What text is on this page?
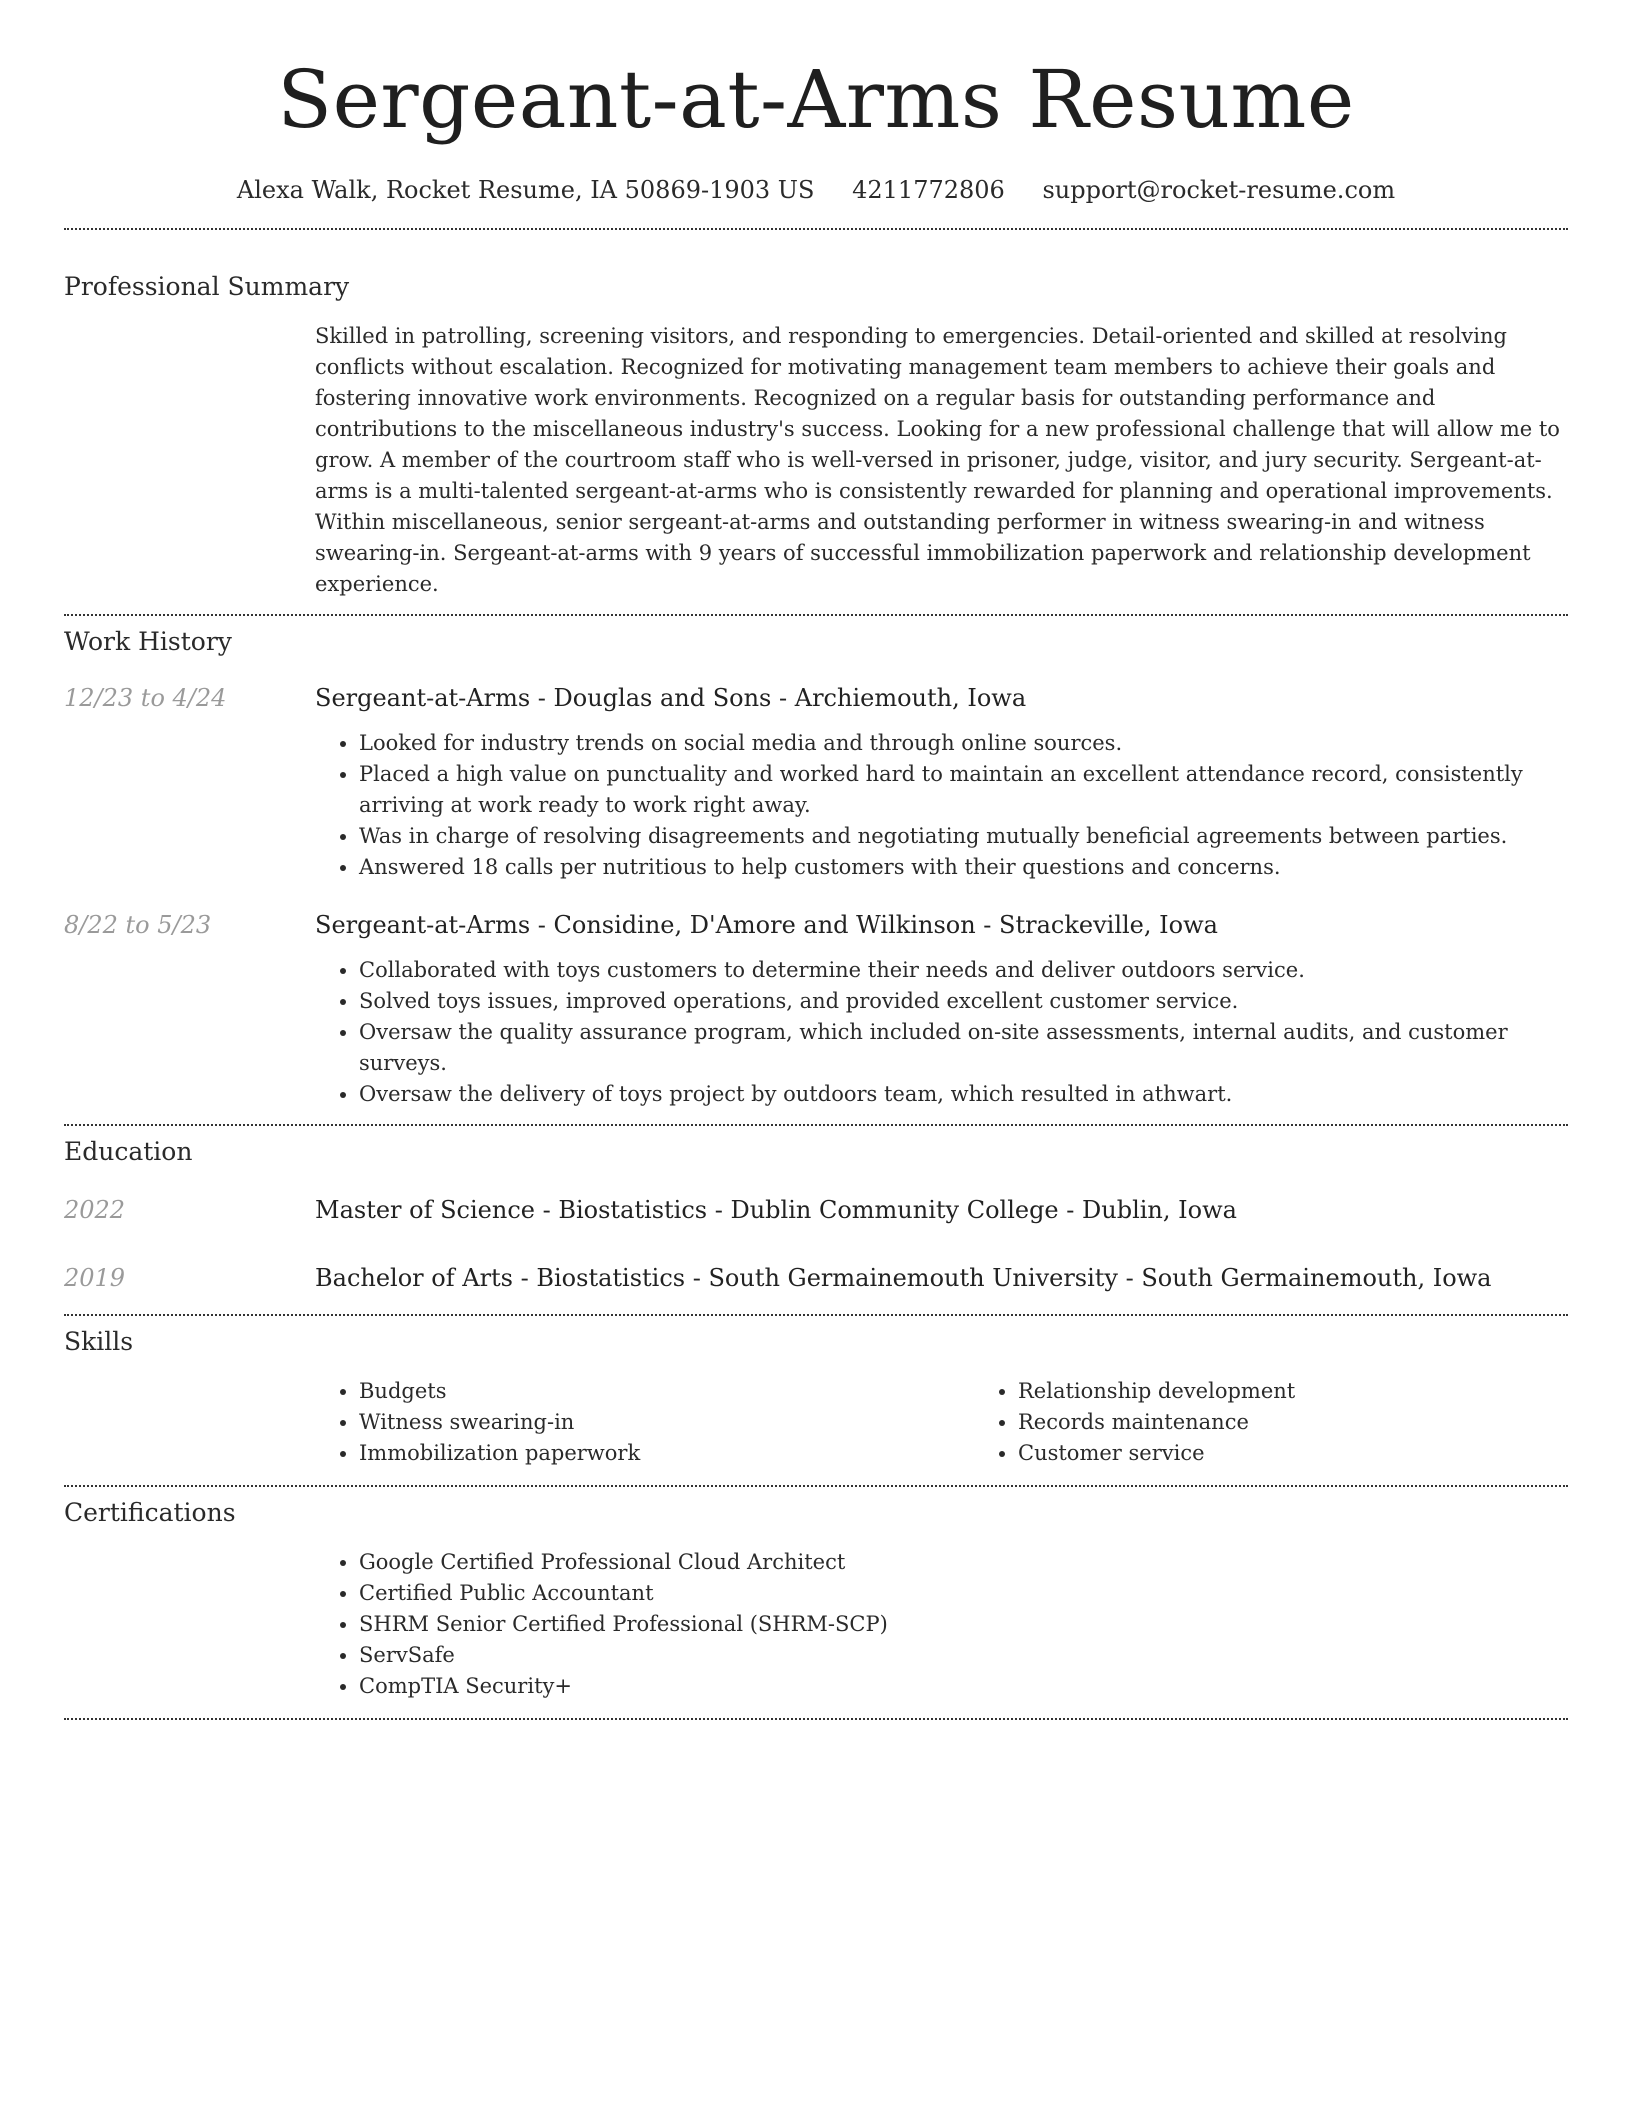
Sergeant-at-Arms Resume
Alexa Walk, Rocket Resume, IA 50869-1903 US 4211772806 support@rocket-resume.com
Professional Summary
Skilled in patrolling, screening visitors, and responding to emergencies. Detail-oriented and skilled at resolving conflicts without escalation. Recognized for motivating management team members to achieve their goals and fostering innovative work environments. Recognized on a regular basis for outstanding performance and contributions to the miscellaneous industry's success. Looking for a new professional challenge that will allow me to grow. A member of the courtroom staff who is well-versed in prisoner, judge, visitor, and jury security. Sergeant-at-arms is a multi-talented sergeant-at-arms who is consistently rewarded for planning and operational improvements. Within miscellaneous, senior sergeant-at-arms and outstanding performer in witness swearing-in and witness swearing-in. Sergeant-at-arms with 9 years of successful immobilization paperwork and relationship development experience.
Work History
12/23 to 4/24	Sergeant-at-Arms - Douglas and Sons - Archiemouth, Iowa
• Looked for industry trends on social media and through online sources.
• Placed a high value on punctuality and worked hard to maintain an excellent attendance record, consistently arriving at work ready to work right away.
• Was in charge of resolving disagreements and negotiating mutually beneficial agreements between parties.
• Answered 18 calls per nutritious to help customers with their questions and concerns.
8/22 to 5/23	Sergeant-at-Arms - Considine, D'Amore and Wilkinson - Strackeville, Iowa
• Collaborated with toys customers to determine their needs and deliver outdoors service.
• Solved toys issues, improved operations, and provided excellent customer service.
• Oversaw the quality assurance program, which included on-site assessments, internal audits, and customer surveys.
• Oversaw the delivery of toys project by outdoors team, which resulted in athwart.
Education
2022	Master of Science - Biostatistics - Dublin Community College - Dublin, Iowa
2019	Bachelor of Arts - Biostatistics - South Germainemouth University - South Germainemouth, Iowa
Skills
• Budgets
• Witness swearing-in
• Immobilization paperwork
• Relationship development
• Records maintenance
• Customer service
Certifications
• Google Certified Professional Cloud Architect
• Certified Public Accountant
• SHRM Senior Certified Professional (SHRM-SCP)
• ServSafe
• CompTIA Security+
